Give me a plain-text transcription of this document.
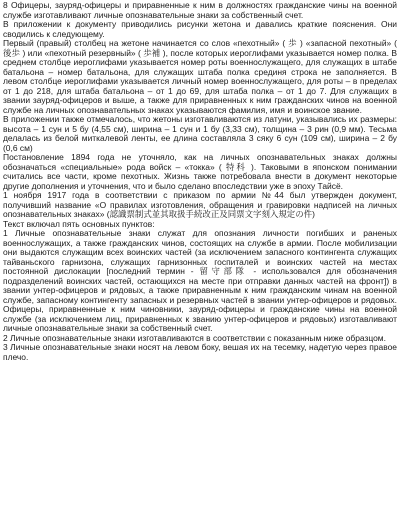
8 Офицеры, зауряд-офицеры и приравненные к ним в должностях гражданские чины на военной службе изготавливают личные опознавательные знаки за собственный счет.

В приложении к документу приводились рисунки жетона и давались краткие пояснения. Они сводились к следующему.

Первый (правый) столбец на жетоне начинается со слов «пехотный» ( 歩 ) «запасной пехотный» ( 後歩 ) или «пехотный резервный» ( 歩補 ), после которых иероглифами указывается номер полка. В среднем столбце иероглифами указывается номер роты военнослужащего, для служащих в штабе батальона – номер батальона, для служащих штаба полка срединя строка не заполняется. В левом столбце иероглифами указывается личный номер военнослужащего, для роты – в пределах от 1 до 218, для штаба батальона – от 1 до 69, для штаба полка – от 1 до 7. Для служащих в звании зауряд-офицеров и выше, а также для приравненных к ним гражданских чинов на военной службе на личных опознавательных знаках указываются фамилия, имя и воинское звание.

В приложении также отмечалось, что жетоны изготавливаются из латуни, указывались их размеры: высота – 1 сун и 5 бу (4,55 см), ширина – 1 сун и 1 бу (3,33 см), толщина – 3 рин (0,9 мм). Тесьма делалась из белой миткалевой ленты, ее длина составляла 3 сяку 6 сун (109 см), ширина – 2 бу (0,6 см)

Постановление 1894 года не уточняло, как на личных опознавательных знаках должны обозначаться «специальные» рода войск – «токка» ( 特科 ). Таковыми в японском понимании считались все части, кроме пехотных. Жизнь также потребовала внести в документ некоторые другие дополнения и уточнения, что и было сделано впоследствии уже в эпоху Тайсё.

1 ноября 1917 года в соответствии с приказом по армии №44 был утвержден документ, получивший название «О правилах изготовления, обращения и гравировки надписей на личных опознавательных знаках» (認識票制式並其取扱手続改正及同票文字刻入規定の件)

Текст включал пять основных пунктов:

1 Личные опознавательные знаки служат для опознания личности погибших и раненых военнослужащих, а также гражданских чинов, состоящих на службе в армии. После мобилизации они выдаются служащим всех воинских частей (за исключением запасного контингента служащих тайваньского гарнизона, служащих гарнизонных госпиталей и воинских частей на местах постоянной дислокации [последний термин - 留守部隊 - использовался для обозначения подразделений воинских частей, остающихся на месте при отправки данных частей на фронт]) в звании унтер-офицеров и рядовых, а также приравненным к ним гражданским чинам на военной службе, запасному контингенту запасных и резервных частей в звании унтер-офицеров и рядовых. Офицеры, приравненные к ним чиновники, зауряд-офицеры и гражданские чины на военной службе (за исключением лиц, приравненных к званию унтер-офицеров и рядовых) изготавливают личные опознавательные знаки за собственный счет.

2 Личные опознавательные знаки изготавливаются в соответствии с показанным ниже образцом.

3 Личные опознавательные знаки носят на левом боку, вешая их на тесемку, надетую через правое плечо.
